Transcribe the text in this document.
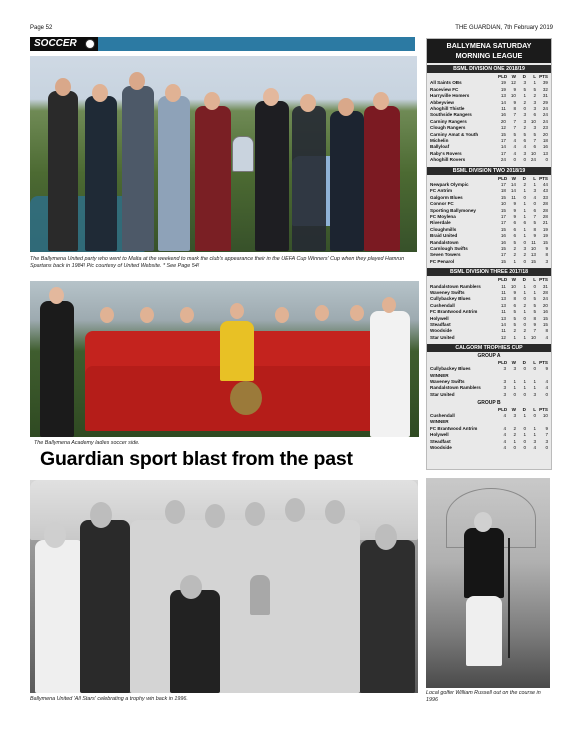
Page 52	THE GUARDIAN, 7th February 2019
SOCCER
The Ballymena United party who went to Malta at the weekend to mark the club's appearance their in the UEFA Cup Winners' Cup when they played Hamrun Spartans back in 1984! Pic courtesy of United Website. * See Page 54!
The Ballymena Academy ladies soccer side.
Guardian sport blast from the past
Ballymena United 'All Stars' celebrating a trophy win back in 1996.
Local golfer William Russell out on the course in 1996
BALLYMENA SATURDAY
MORNING LEAGUE
BSML DIVISION ONE 2018/19
PLD W	D	L PTS
All Saints OBs	19	12	3	1	39
Raceview FC	19	9	5	5	32
Harryville Homers	13	10	1	2	31
Abbeyview	14	9	2	3	29
Ahoghill Thistle	11	8	0	3	24
Southside Rangers	16	7	3	6	24
Carniny Rangers	20	7	3	10	24
Clough Rangers	12	7	2	3	23
Carniny Amat & Youth	15	5	5	5	20
Michelin	17	4	6	7	18
Ballyloaf	14	4	4	6	16
Raby's Rovers	17	4	3	10	13
Ahoghill Rovers	24	0	0	24	0
BSML DIVISION TWO 2018/19
PLD W	D	L PTS
Newpark Olympic	17	14	2	1	44
FC Antrim	18	14	1	3	43
Galgorm Blues	15	11	0	4	33
Connor FC	10	9	1	0	28
Sporting Ballymoney	15	9	1	6	28
FC Moylena	17	9	1	7	28
Riverdale	17	6	6	5	21
Cloughmills	15	6	1	8	19
Braid United	16	6	1	9	19
Randalstown	16	5	0	11	15
Carnlough Swifts	15	2	3	10	9
Seven Towers	17	2	2	13	8
FC Penarol	15	1	0	15	3
BSML DIVISION THREE 2017/18
PLD W	D	L PTS
Randalstown Ramblers	11	10	1	0	31
Waveney Swifts	11	9	1	1	28
Cullybackey Blues	13	8	0	5	24
Cushendall	13	6	2	5	20
FC Brantwood Antrim	11	5	1	5	16
Holywell	13	5	0	8	15
Steadfast	14	5	0	9	15
Woodside	11	2	2	7	8
Star United	12	1	1	10	4
CALGORM TROPHIES CUP
GROUP A
PLD W	D	L PTS
Cullybackey Blues	3	3	0	0	9
WINNER
Waveney Swifts	3	1	1	1	4
Randalstown Ramblers	3	1	1	1	4
Star United	3	0	0	3	0
GROUP B
PLD W	D	L PTS
Cushendall	4	3	1	0	10
WINNER
FC Brantwood Antrim	4	2	0	1	9
Holywell	4	2	1	1	7
Steadfast	4	1	0	3	3
Woodside	4	0	0	4	0
